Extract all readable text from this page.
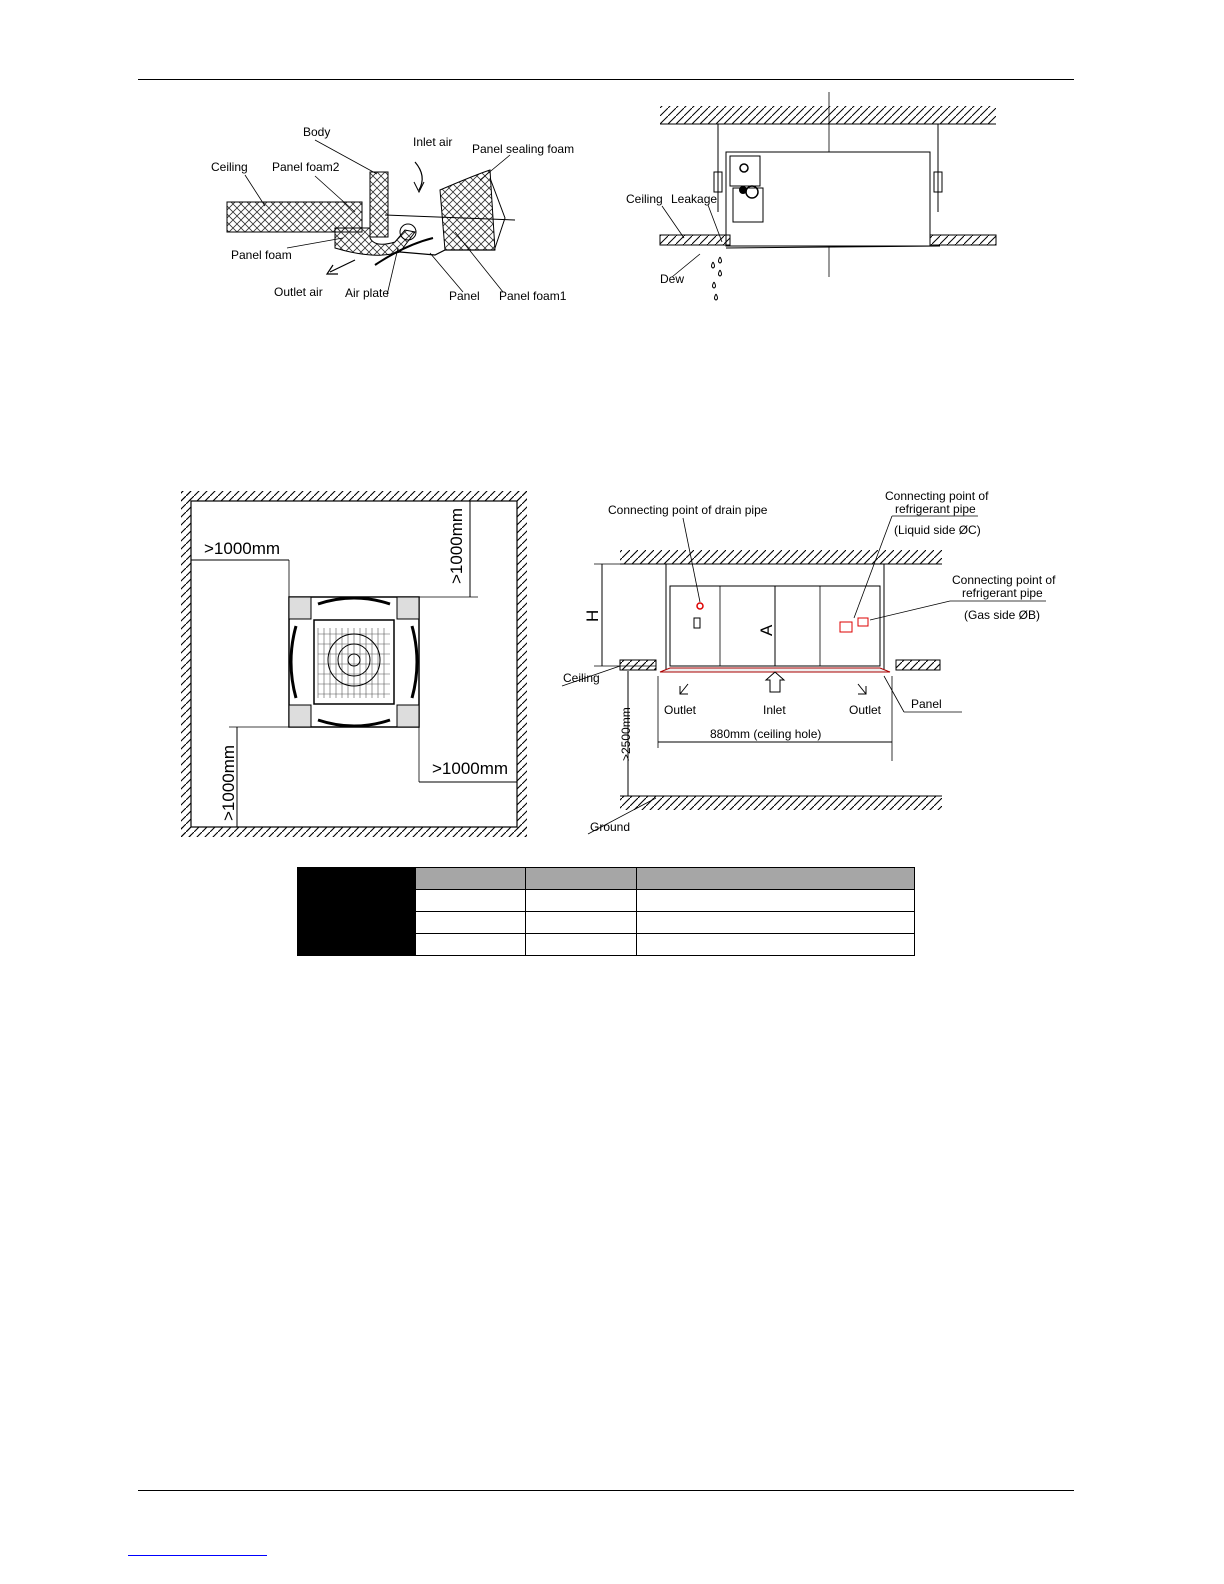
Body
Inlet air
Ceiling Panel foam2
Panel sealing foam
Panel foam
Outlet air Air plate	Panel Panel foam1
Ceiling Leakage
Dew
>1000mm	>1000mm
>1000mm	>1000mm
Connecting point of drain pipe
Connecting point of
refrigerant pipe
(Liquid side ØC)
Connecting point of
refrigerant pipe
(Gas side ØB)
H
A
Ceiling
Outlet	Inlet	Outlet Panel
>2500mm	880mm (ceiling hole)
Ground
